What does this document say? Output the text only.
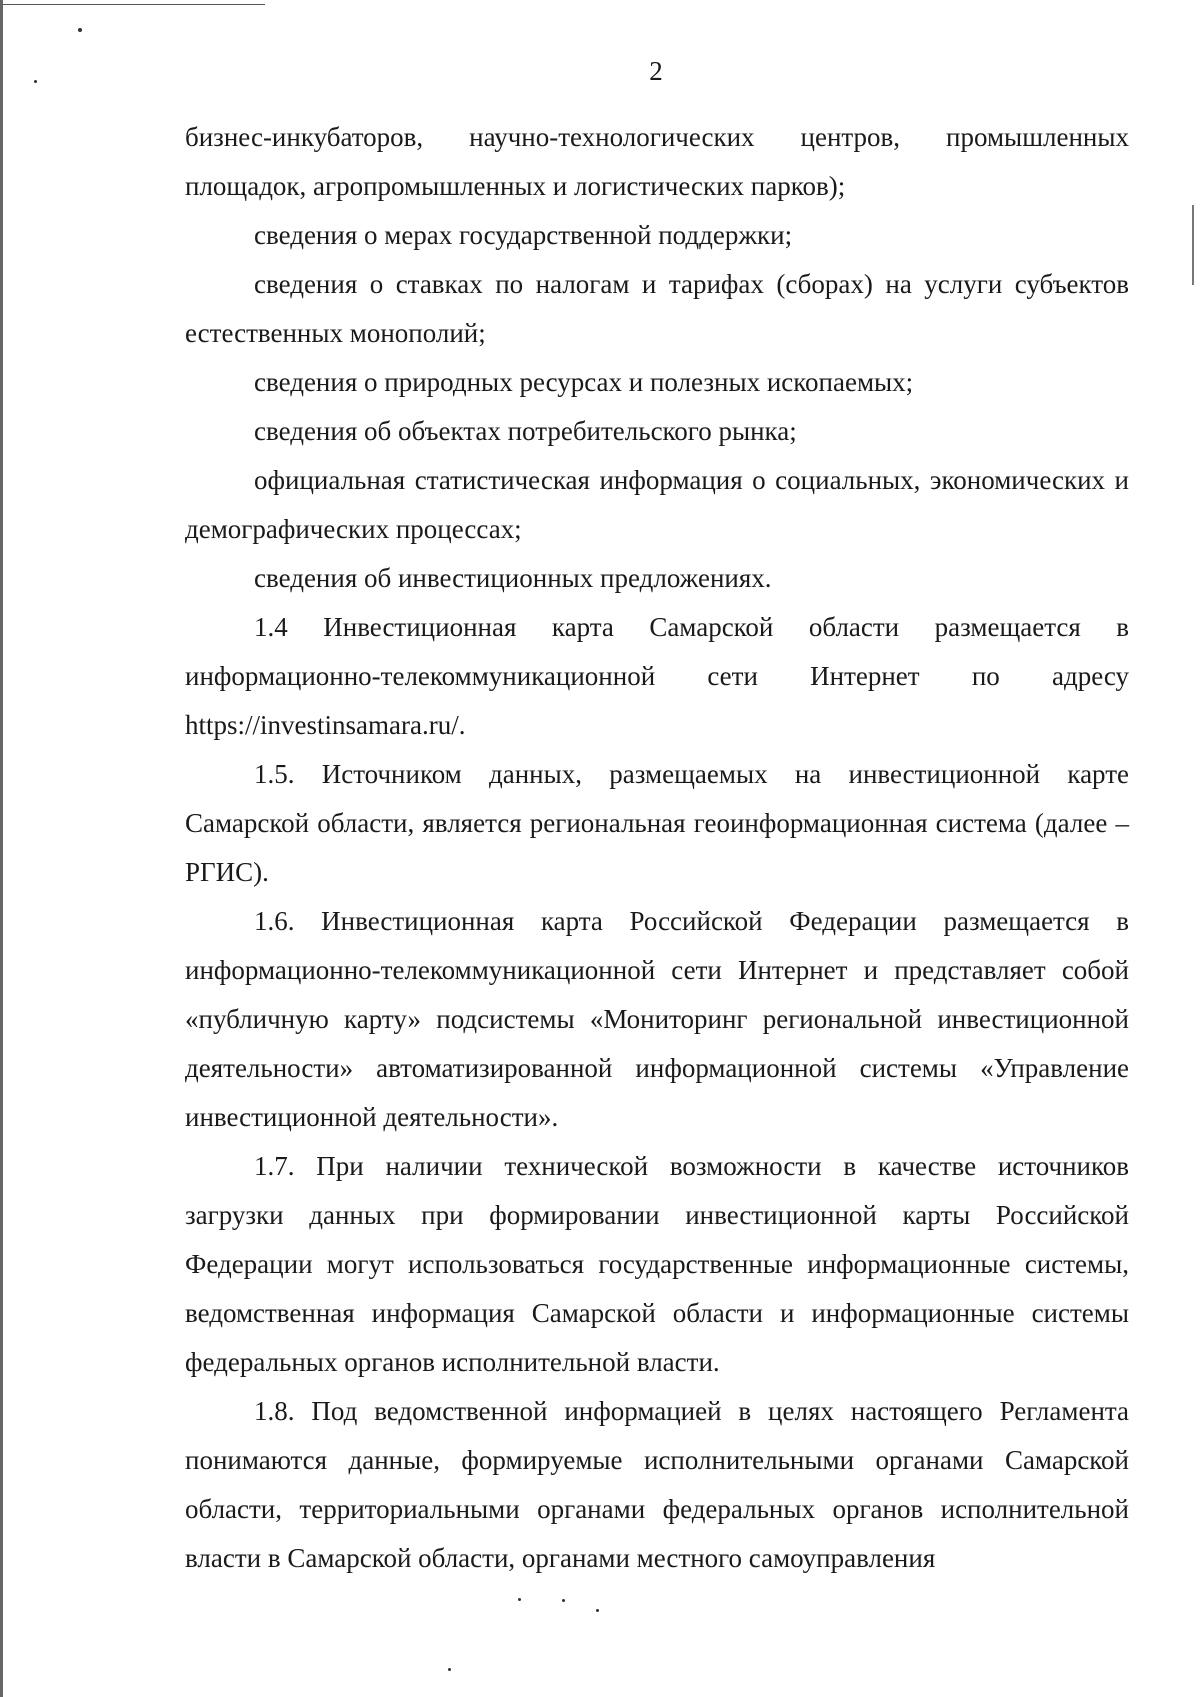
2

бизнес-инкубаторов, научно-технологических центров, промышленных площадок, агропромышленных и логистических парков);

сведения о мерах государственной поддержки;

сведения о ставках по налогам и тарифах (сборах) на услуги субъектов естественных монополий;

сведения о природных ресурсах и полезных ископаемых;

сведения об объектах потребительского рынка;

официальная статистическая информация о социальных, экономических и демографических процессах;

сведения об инвестиционных предложениях.

1.4 Инвестиционная карта Самарской области размещается в информационно-телекоммуникационной сети Интернет по адресу https://investinsamara.ru/.

1.5. Источником данных, размещаемых на инвестиционной карте Самарской области, является региональная геоинформационная система (далее – РГИС).

1.6. Инвестиционная карта Российской Федерации размещается в информационно-телекоммуникационной сети Интернет и представляет собой «публичную карту» подсистемы «Мониторинг региональной инвестиционной деятельности» автоматизированной информационной системы «Управление инвестиционной деятельности».

1.7. При наличии технической возможности в качестве источников загрузки данных при формировании инвестиционной карты Российской Федерации могут использоваться государственные информационные системы, ведомственная информация Самарской области и информационные системы федеральных органов исполнительной власти.

1.8. Под ведомственной информацией в целях настоящего Регламента понимаются данные, формируемые исполнительными органами Самарской области, территориальными органами федеральных органов исполнительной власти в Самарской области, органами местного самоуправления
